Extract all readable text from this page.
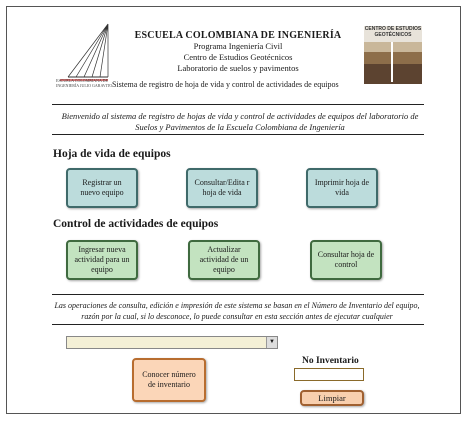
ESCUELA COLOMBIANA DE INGENIERÍA JULIO GARAVITO
CENTRO DE ESTUDIOS GEOTÉCNICOS
ESCUELA COLOMBIANA DE INGENIERÍA
Programa Ingeniería Civil
Centro de Estudios Geotécnicos
Laboratorio de suelos y pavimentos
Sistema de registro de hoja de vida y control de actividades de equipos
Bienvenido al sistema de registro de hojas de vida y control de actividades de equipos del laboratorio de Suelos y Pavimentos de la Escuela Colombiana de Ingeniería
Hoja de vida de equipos
Registrar un nuevo equipo
Consultar/Edita r hoja de vida
Imprimir hoja de vida
Control de actividades de equipos
Ingresar nueva actividad para un equipo
Actualizar actividad de un equipo
Consultar hoja de control
Las operaciones de consulta, edición e impresión de este sistema se basan en el Número de Inventario del equipo, razón por la cual, si lo desconoce, lo puede consultar en esta sección antes de ejecutar cualquier
▼
Conocer número de inventario
No Inventario
Limpiar
